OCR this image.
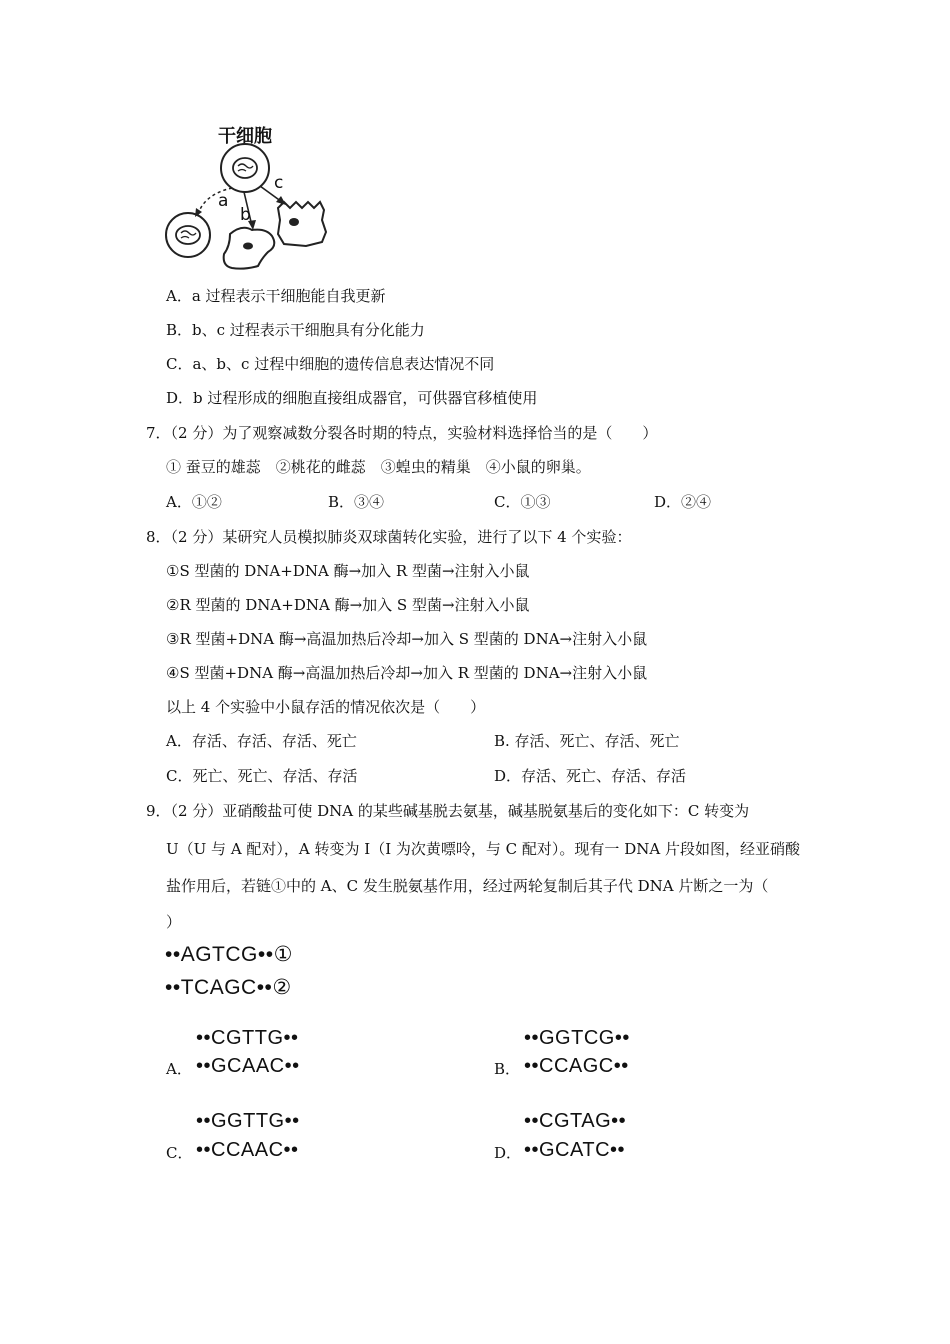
干细胞
a
b
c
A．a 过程表示干细胞能自我更新
B．b、c 过程表示干细胞具有分化能力
C．a、b、c 过程中细胞的遗传信息表达情况不同
D．b 过程形成的细胞直接组成器官，可供器官移植使用
7．（2 分）为了观察减数分裂各时期的特点，实验材料选择恰当的是（　　）
① 蚕豆的雄蕊　②桃花的雌蕊　③蝗虫的精巢　④小鼠的卵巢。
A．①②	B．③④	C．①③	D．②④
8．（2 分）某研究人员模拟肺炎双球菌转化实验，进行了以下 4 个实验：
①S 型菌的 DNA+DNA 酶→加入 R 型菌→注射入小鼠
②R 型菌的 DNA+DNA 酶→加入 S 型菌→注射入小鼠
③R 型菌+DNA 酶→高温加热后冷却→加入 S 型菌的 DNA→注射入小鼠
④S 型菌+DNA 酶→高温加热后冷却→加入 R 型菌的 DNA→注射入小鼠
以上 4 个实验中小鼠存活的情况依次是（　　）
A．存活、存活、存活、死亡	B. 存活、死亡、存活、死亡
C．死亡、死亡、存活、存活	D．存活、死亡、存活、存活
9．（2 分）亚硝酸盐可使 DNA 的某些碱基脱去氨基，碱基脱氨基后的变化如下：C 转变为
U（U 与 A 配对），A 转变为 I（I 为次黄嘌呤，与 C 配对）。现有一 DNA 片段如图，经亚硝酸
盐作用后，若链①中的 A、C 发生脱氨基作用，经过两轮复制后其子代 DNA 片断之一为（
）
••AGTCG••①
••TCAGC••②
••CGTTG••
A． ••GCAAC••
••GGTCG••
B． ••CCAGC••
••GGTTG••
C． ••CCAAC••
••CGTAG••
D． ••GCATC••
